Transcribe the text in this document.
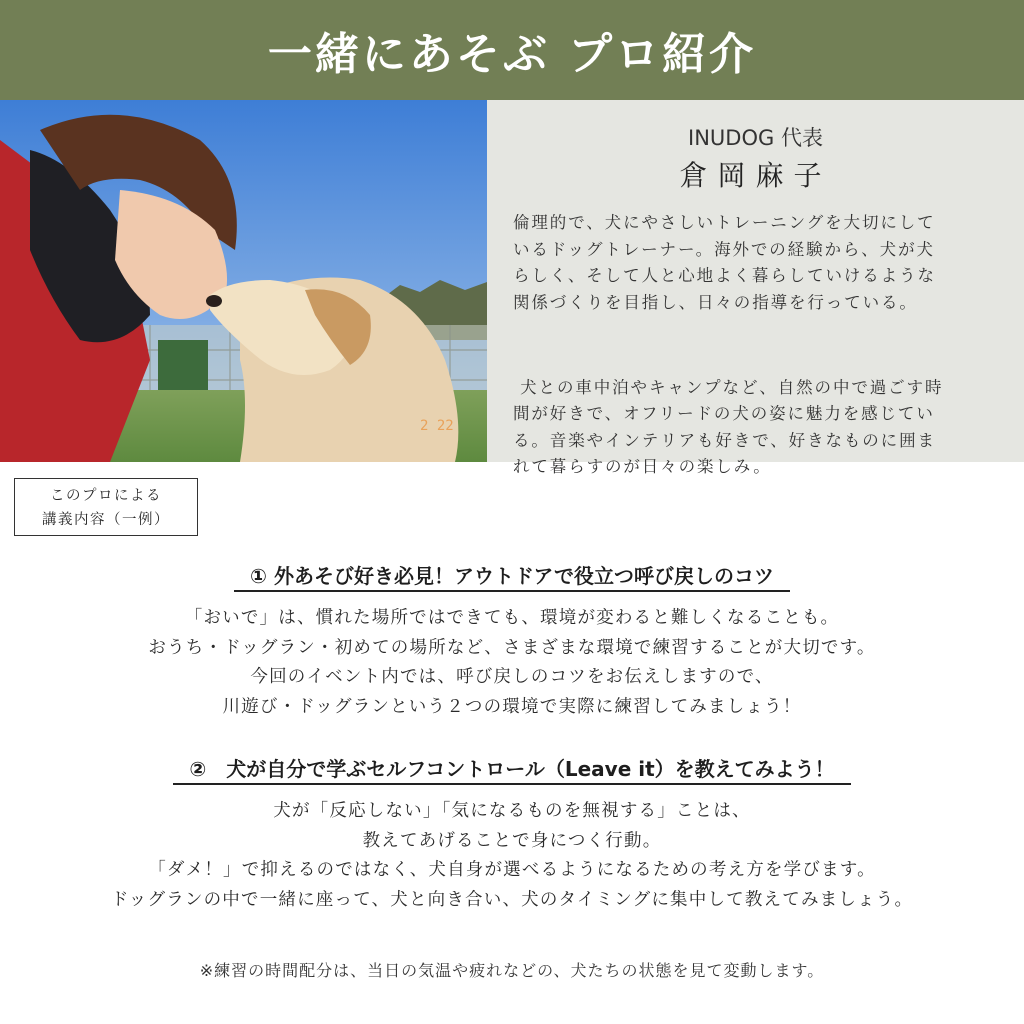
一緒にあそぶ プロ紹介
2 22
INUDOG 代表
倉岡麻子

倫理的で、犬にやさしいトレーニングを大切にして
いるドッグトレーナー。海外での経験から、犬が犬
らしく、そして人と心地よく暮らしていけるような
関係づくりを目指し、日々の指導を行っている。

犬との車中泊やキャンプなど、自然の中で過ごす時
間が好きで、オフリードの犬の姿に魅力を感じてい
る。音楽やインテリアも好きで、好きなものに囲ま
れて暮らすのが日々の楽しみ。

このプロによる
講義内容（一例）
① 外あそび好き必見！アウトドアで役立つ呼び戻しのコツ

「おいで」は、慣れた場所ではできても、環境が変わると難しくなることも。
おうち・ドッグラン・初めての場所など、さまざまな環境で練習することが大切です。
今回のイベント内では、呼び戻しのコツをお伝えしますので、
川遊び・ドッグランという２つの環境で実際に練習してみましょう！

②　犬が自分で学ぶセルフコントロール（Leave it）を教えてみよう！

犬が「反応しない」「気になるものを無視する」ことは、
教えてあげることで身につく行動。
「ダメ！」で抑えるのではなく、犬自身が選べるようになるための考え方を学びます。
ドッグランの中で一緒に座って、犬と向き合い、犬のタイミングに集中して教えてみましょう。

※練習の時間配分は、当日の気温や疲れなどの、犬たちの状態を見て変動します。
